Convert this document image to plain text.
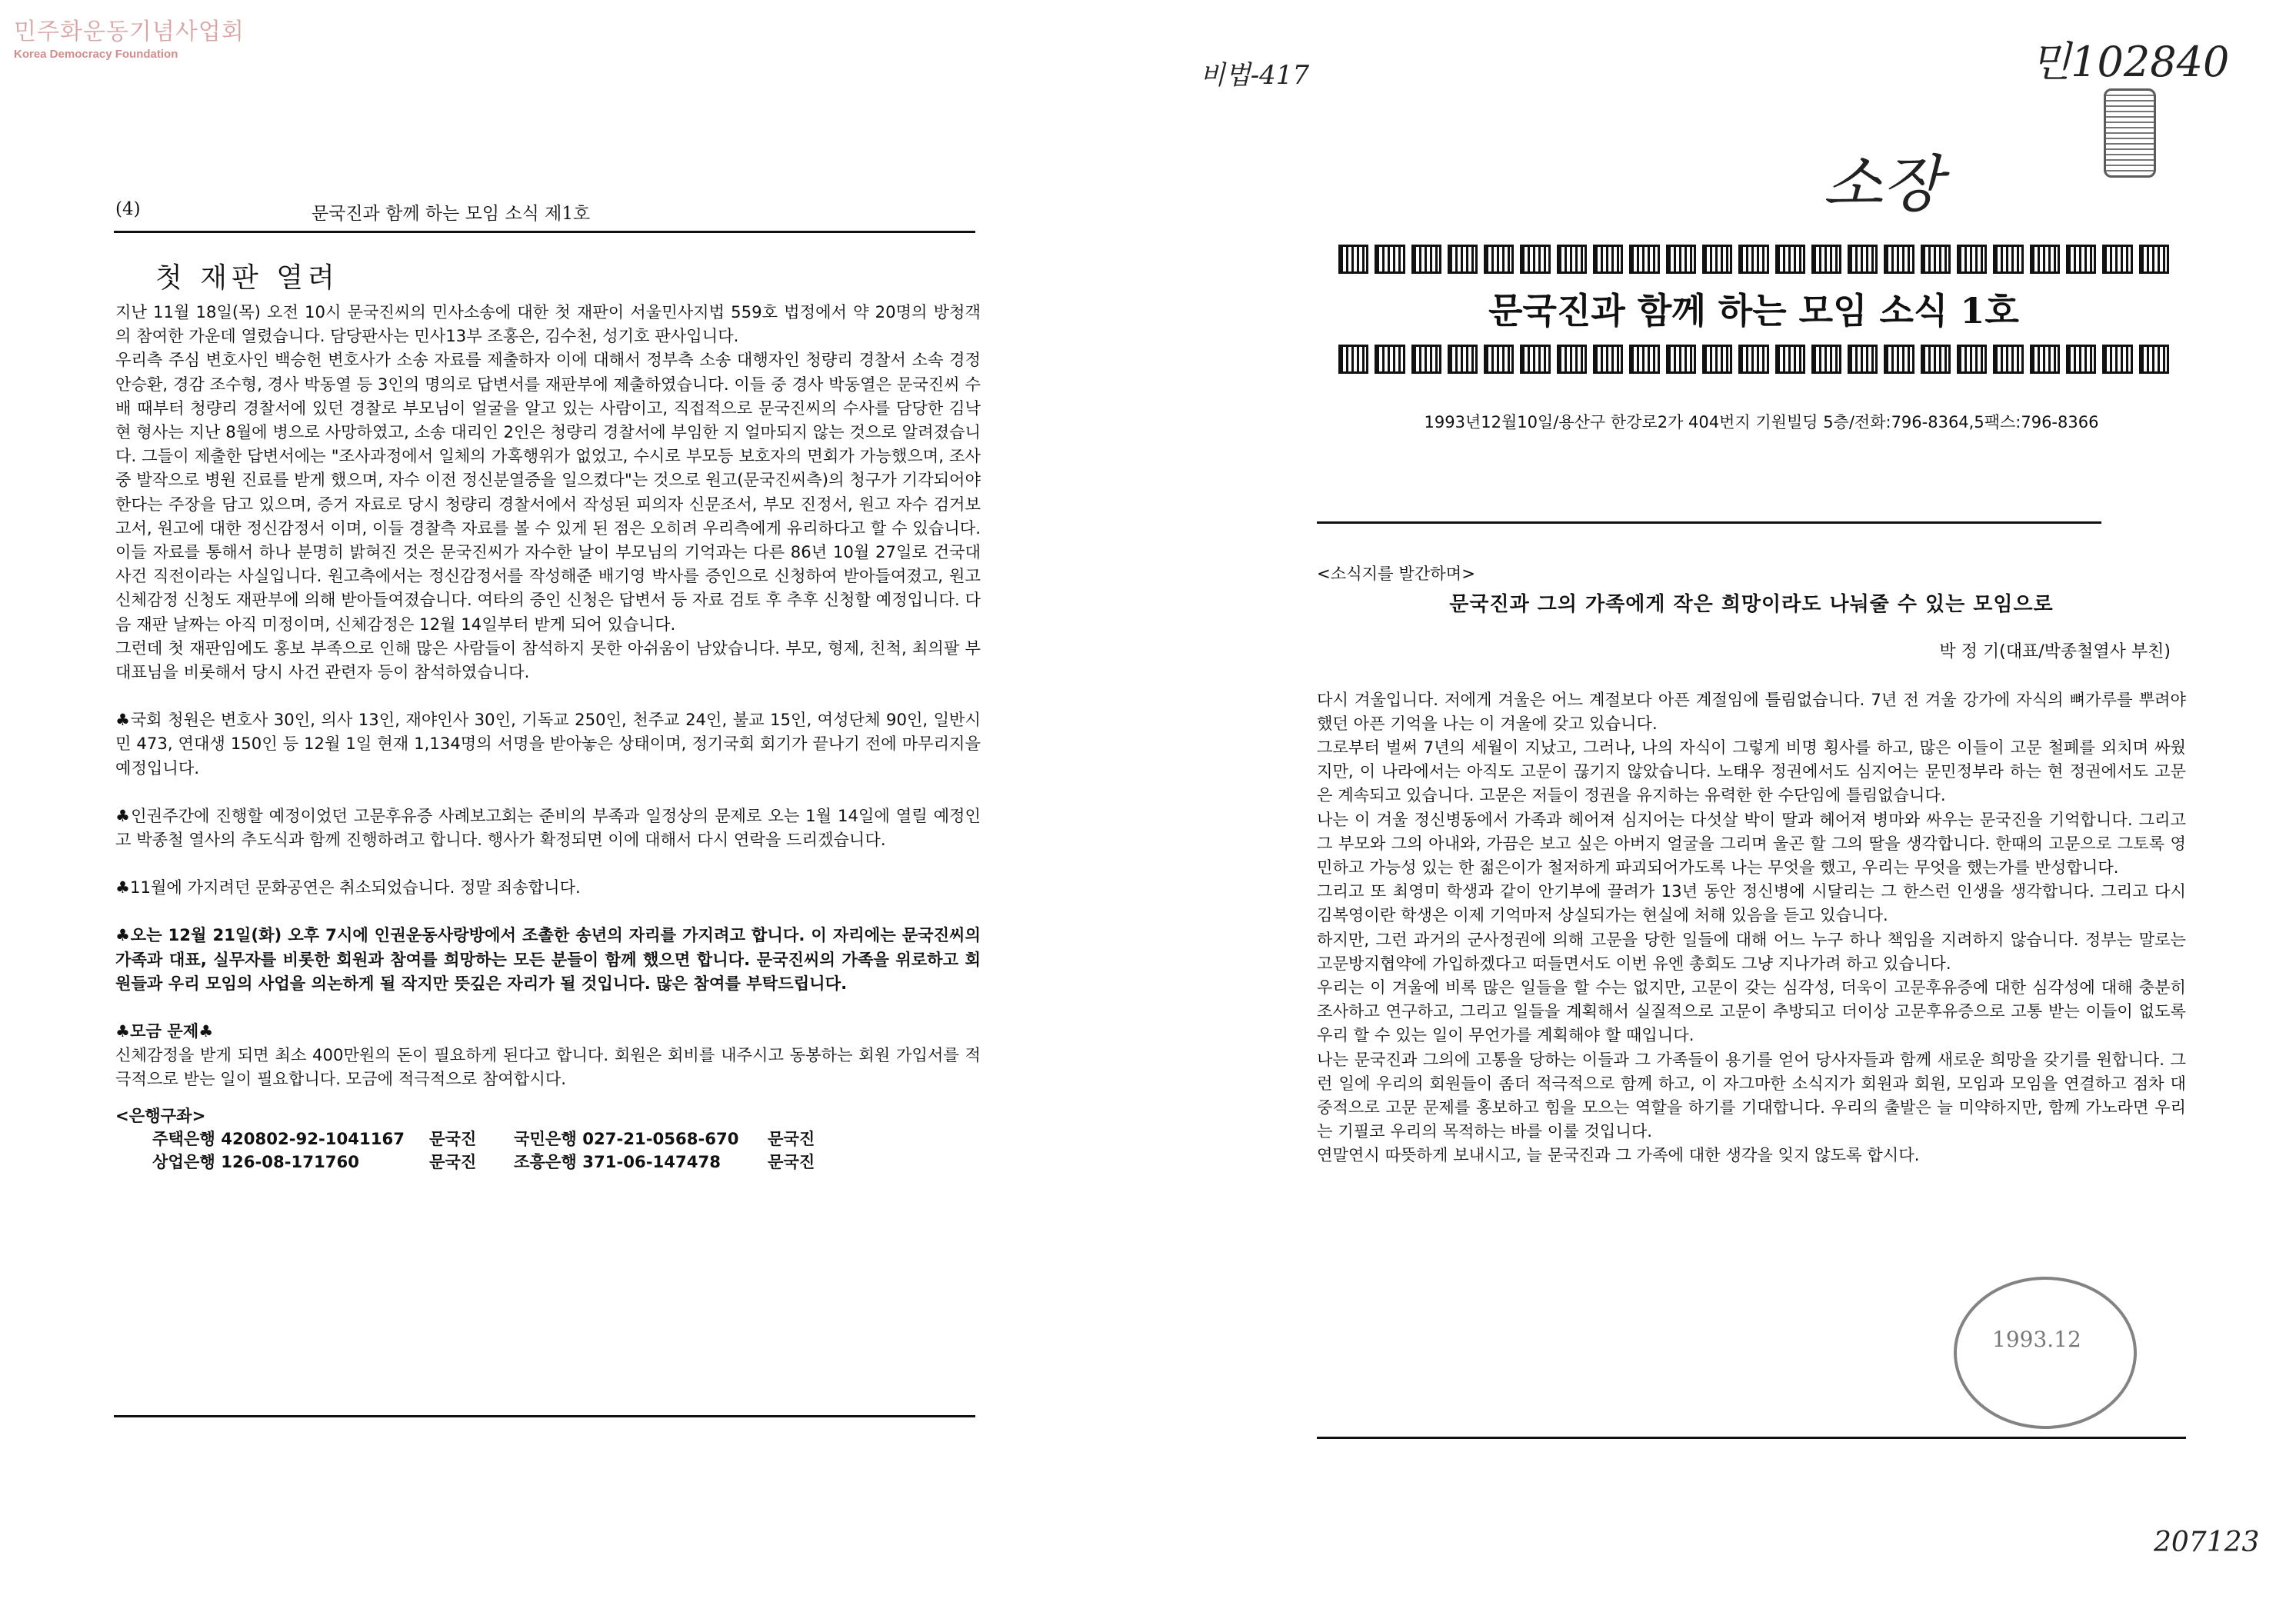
민주화운동기념사업회
Korea Democracy Foundation
비법-417	민102840
소장
207123
(4)	문국진과 함께 하는 모임 소식 제1호
첫 재판 열려

지난 11월 18일(목) 오전 10시 문국진씨의 민사소송에 대한 첫 재판이 서울민사지법 559호 법정에서 약 20명의 방청객의 참여한 가운데 열렸습니다. 담당판사는 민사13부 조홍은, 김수천, 성기호 판사입니다.

우리측 주심 변호사인 백승헌 변호사가 소송 자료를 제출하자 이에 대해서 정부측 소송 대행자인 청량리 경찰서 소속 경정 안승환, 경감 조수형, 경사 박동열 등 3인의 명의로 답변서를 재판부에 제출하였습니다. 이들 중 경사 박동열은 문국진씨 수배 때부터 청량리 경찰서에 있던 경찰로 부모님이 얼굴을 알고 있는 사람이고, 직접적으로 문국진씨의 수사를 담당한 김낙현 형사는 지난 8월에 병으로 사망하였고, 소송 대리인 2인은 청량리 경찰서에 부임한 지 얼마되지 않는 것으로 알려졌습니다. 그들이 제출한 답변서에는 "조사과정에서 일체의 가혹행위가 없었고, 수시로 부모등 보호자의 면회가 가능했으며, 조사중 발작으로 병원 진료를 받게 했으며, 자수 이전 정신분열증을 일으켰다"는 것으로 원고(문국진씨측)의 청구가 기각되어야 한다는 주장을 담고 있으며, 증거 자료로 당시 청량리 경찰서에서 작성된 피의자 신문조서, 부모 진정서, 원고 자수 검거보고서, 원고에 대한 정신감정서 이며, 이들 경찰측 자료를 볼 수 있게 된 점은 오히려 우리측에게 유리하다고 할 수 있습니다. 이들 자료를 통해서 하나 분명히 밝혀진 것은 문국진씨가 자수한 날이 부모님의 기억과는 다른 86년 10월 27일로 건국대 사건 직전이라는 사실입니다. 원고측에서는 정신감정서를 작성해준 배기영 박사를 증인으로 신청하여 받아들여졌고, 원고 신체감정 신청도 재판부에 의해 받아들여졌습니다. 여타의 증인 신청은 답변서 등 자료 검토 후 추후 신청할 예정입니다. 다음 재판 날짜는 아직 미정이며, 신체감정은 12월 14일부터 받게 되어 있습니다.

그런데 첫 재판임에도 홍보 부족으로 인해 많은 사람들이 참석하지 못한 아쉬움이 남았습니다. 부모, 형제, 친척, 최의팔 부대표님을 비롯해서 당시 사건 관련자 등이 참석하였습니다.

♣국회 청원은 변호사 30인, 의사 13인, 재야인사 30인, 기독교 250인, 천주교 24인, 불교 15인, 여성단체 90인, 일반시민 473, 연대생 150인 등 12월 1일 현재 1,134명의 서명을 받아놓은 상태이며, 정기국회 회기가 끝나기 전에 마무리지을 예정입니다.

♣인권주간에 진행할 예정이었던 고문후유증 사례보고회는 준비의 부족과 일정상의 문제로 오는 1월 14일에 열릴 예정인 고 박종철 열사의 추도식과 함께 진행하려고 합니다. 행사가 확정되면 이에 대해서 다시 연락을 드리겠습니다.

♣11월에 가지려던 문화공연은 취소되었습니다. 정말 죄송합니다.

♣오는 12월 21일(화) 오후 7시에 인권운동사랑방에서 조촐한 송년의 자리를 가지려고 합니다. 이 자리에는 문국진씨의 가족과 대표, 실무자를 비롯한 회원과 참여를 희망하는 모든 분들이 함께 했으면 합니다. 문국진씨의 가족을 위로하고 회원들과 우리 모임의 사업을 의논하게 될 작지만 뜻깊은 자리가 될 것입니다. 많은 참여를 부탁드립니다.

♣모금 문제♣

신체감정을 받게 되면 최소 400만원의 돈이 필요하게 된다고 합니다. 회원은 회비를 내주시고 동봉하는 회원 가입서를 적극적으로 받는 일이 필요합니다. 모금에 적극적으로 참여합시다.

<은행구좌>

주택은행 420802-92-1041167	문국진	국민은행 027-21-0568-670	문국진
상업은행 126-08-171760	문국진	조흥은행 371-06-147478	문국진
문국진과 함께 하는 모임 소식 1호
1993년12월10일/용산구 한강로2가 404번지 기원빌딩 5층/전화:796-8364,5팩스:796-8366

<소식지를 발간하며>

문국진과 그의 가족에게 작은 희망이라도 나눠줄 수 있는 모임으로
박 정 기(대표/박종철열사 부친)

다시 겨울입니다. 저에게 겨울은 어느 계절보다 아픈 계절임에 틀림없습니다. 7년 전 겨울 강가에 자식의 뼈가루를 뿌려야 했던 아픈 기억을 나는 이 겨울에 갖고 있습니다.

그로부터 벌써 7년의 세월이 지났고, 그러나, 나의 자식이 그렇게 비명 횡사를 하고, 많은 이들이 고문 철폐를 외치며 싸웠지만, 이 나라에서는 아직도 고문이 끊기지 않았습니다. 노태우 정권에서도 심지어는 문민정부라 하는 현 정권에서도 고문은 계속되고 있습니다. 고문은 저들이 정권을 유지하는 유력한 한 수단임에 틀림없습니다.

나는 이 겨울 정신병동에서 가족과 헤어져 심지어는 다섯살 박이 딸과 헤어져 병마와 싸우는 문국진을 기억합니다. 그리고 그 부모와 그의 아내와, 가끔은 보고 싶은 아버지 얼굴을 그리며 울곤 할 그의 딸을 생각합니다. 한때의 고문으로 그토록 영민하고 가능성 있는 한 젊은이가 철저하게 파괴되어가도록 나는 무엇을 했고, 우리는 무엇을 했는가를 반성합니다.

그리고 또 최영미 학생과 같이 안기부에 끌려가 13년 동안 정신병에 시달리는 그 한스런 인생을 생각합니다. 그리고 다시 김복영이란 학생은 이제 기억마저 상실되가는 현실에 처해 있음을 듣고 있습니다.

하지만, 그런 과거의 군사정권에 의해 고문을 당한 일들에 대해 어느 누구 하나 책임을 지려하지 않습니다. 정부는 말로는 고문방지협약에 가입하겠다고 떠들면서도 이번 유엔 총회도 그냥 지나가려 하고 있습니다.

우리는 이 겨울에 비록 많은 일들을 할 수는 없지만, 고문이 갖는 심각성, 더욱이 고문후유증에 대한 심각성에 대해 충분히 조사하고 연구하고, 그리고 일들을 계획해서 실질적으로 고문이 추방되고 더이상 고문후유증으로 고통 받는 이들이 없도록 우리 할 수 있는 일이 무언가를 계획해야 할 때입니다.

나는 문국진과 그의에 고통을 당하는 이들과 그 가족들이 용기를 얻어 당사자들과 함께 새로운 희망을 갖기를 원합니다. 그런 일에 우리의 회원들이 좀더 적극적으로 함께 하고, 이 자그마한 소식지가 회원과 회원, 모임과 모임을 연결하고 점차 대중적으로 고문 문제를 홍보하고 힘을 모으는 역할을 하기를 기대합니다. 우리의 출발은 늘 미약하지만, 함께 가노라면 우리는 기필코 우리의 목적하는 바를 이룰 것입니다.

연말연시 따뜻하게 보내시고, 늘 문국진과 그 가족에 대한 생각을 잊지 않도록 합시다.

1993.12
